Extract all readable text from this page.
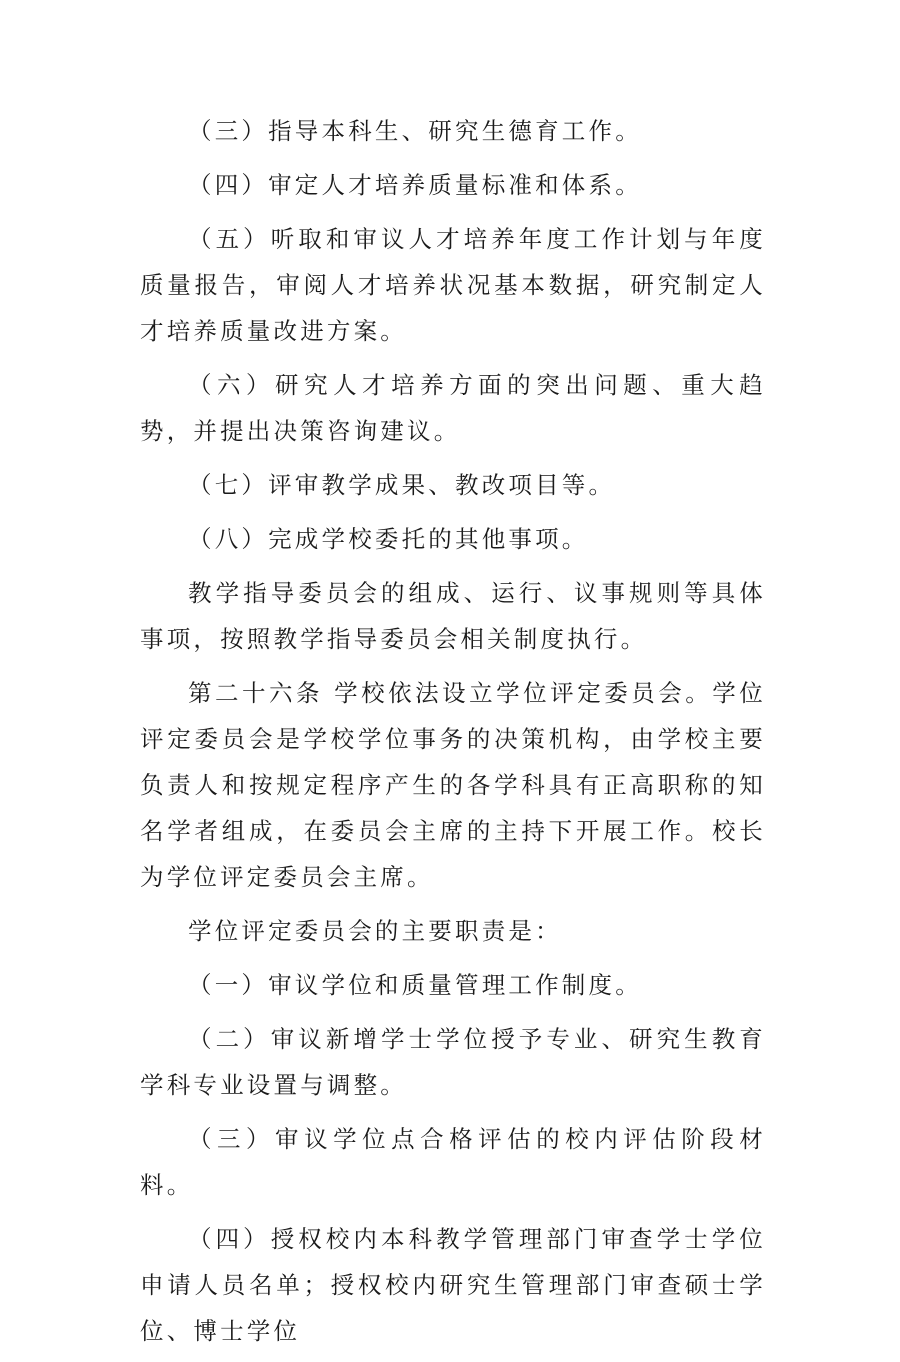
（三）指导本科生、研究生德育工作。

（四）审定人才培养质量标准和体系。

（五）听取和审议人才培养年度工作计划与年度质量报告，审阅人才培养状况基本数据，研究制定人才培养质量改进方案。

（六）研究人才培养方面的突出问题、重大趋势，并提出决策咨询建议。

（七）评审教学成果、教改项目等。

（八）完成学校委托的其他事项。

教学指导委员会的组成、运行、议事规则等具体事项，按照教学指导委员会相关制度执行。

第二十六条 学校依法设立学位评定委员会。学位评定委员会是学校学位事务的决策机构，由学校主要负责人和按规定程序产生的各学科具有正高职称的知名学者组成，在委员会主席的主持下开展工作。校长为学位评定委员会主席。

学位评定委员会的主要职责是：

（一）审议学位和质量管理工作制度。

（二）审议新增学士学位授予专业、研究生教育学科专业设置与调整。

（三）审议学位点合格评估的校内评估阶段材料。

（四）授权校内本科教学管理部门审查学士学位申请人员名单；授权校内研究生管理部门审查硕士学位、博士学位
